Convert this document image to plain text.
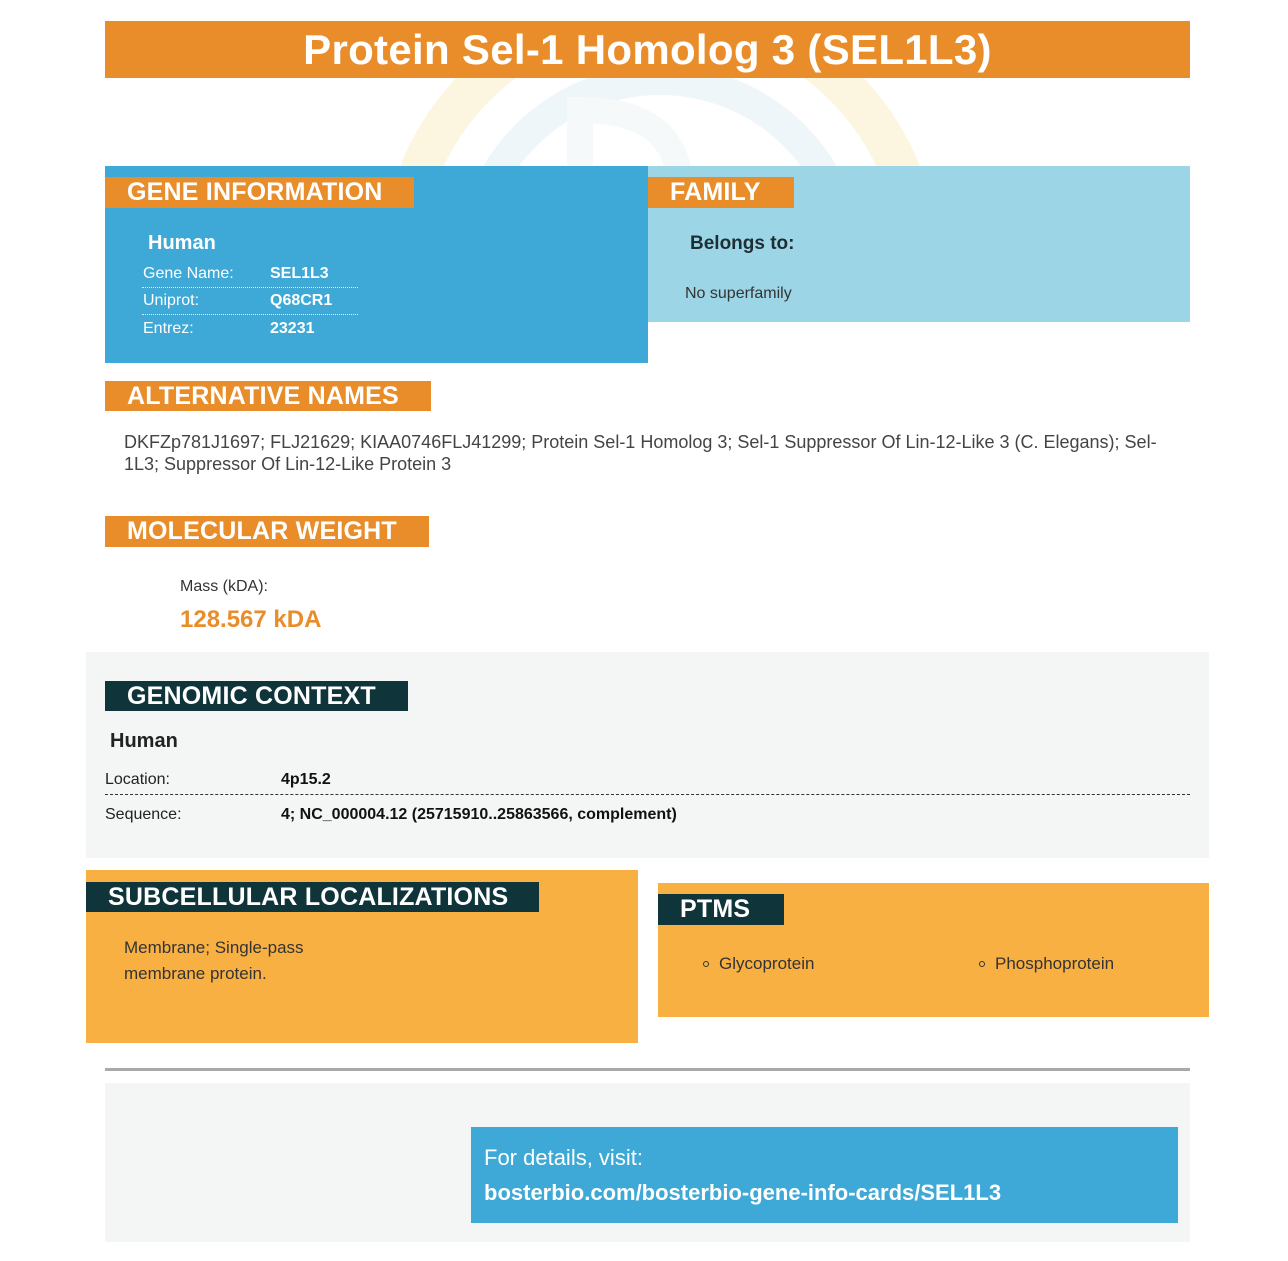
Protein Sel-1 Homolog 3 (SEL1L3)
GENE INFORMATION
Human
Gene Name:	SEL1L3
Uniprot:	Q68CR1
Entrez:	23231
FAMILY
Belongs to:
No superfamily
ALTERNATIVE NAMES
DKFZp781J1697; FLJ21629; KIAA0746FLJ41299; Protein Sel-1 Homolog 3; Sel-1 Suppressor Of Lin-12-Like 3 (C. Elegans); Sel-1L3; Suppressor Of Lin-12-Like Protein 3
MOLECULAR WEIGHT
Mass (kDA):
128.567 kDA
GENOMIC CONTEXT
Human
Location:	4p15.2
Sequence:	4; NC_000004.12 (25715910..25863566, complement)
SUBCELLULAR LOCALIZATIONS
Membrane; Single-pass
membrane protein.
PTMS
Glycoprotein	Phosphoprotein
For details, visit:
bosterbio.com/bosterbio-gene-info-cards/SEL1L3
